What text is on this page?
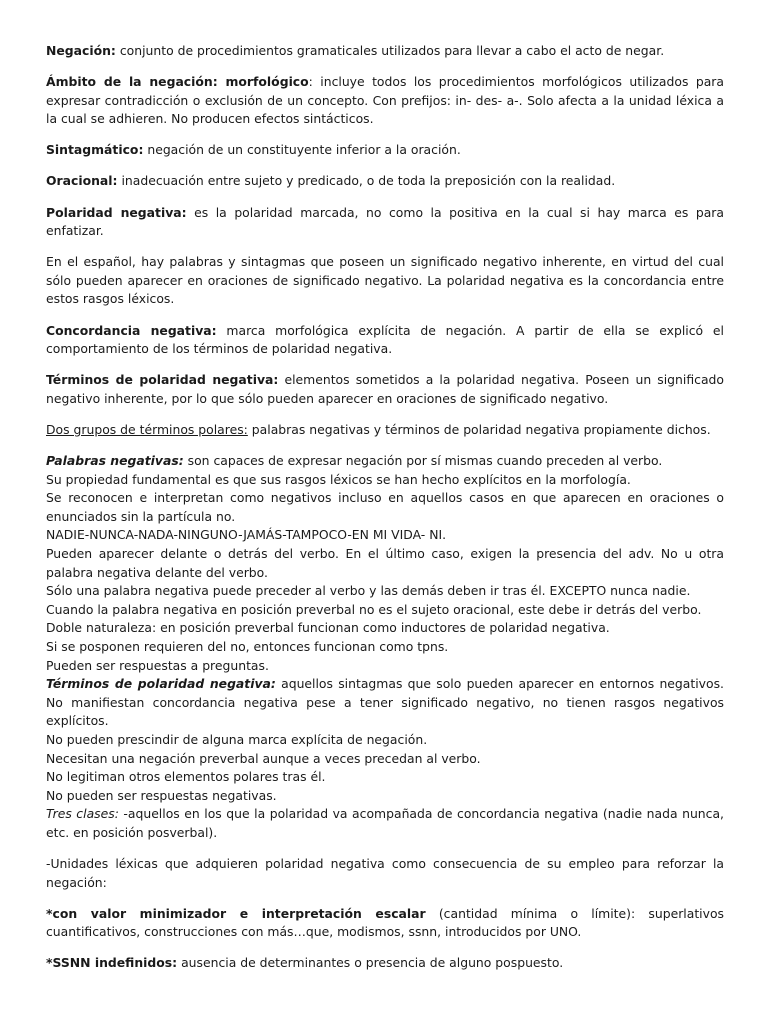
Negación: conjunto de procedimientos gramaticales utilizados para llevar a cabo el acto de negar.

Ámbito de la negación: morfológico: incluye todos los procedimientos morfológicos utilizados para expresar contradicción o exclusión de un concepto. Con prefijos: in- des- a-. Solo afecta a la unidad léxica a la cual se adhieren. No producen efectos sintácticos.

Sintagmático: negación de un constituyente inferior a la oración.

Oracional: inadecuación entre sujeto y predicado, o de toda la preposición con la realidad.

Polaridad negativa: es la polaridad marcada, no como la positiva en la cual si hay marca es para enfatizar.

En el español, hay palabras y sintagmas que poseen un significado negativo inherente, en virtud del cual sólo pueden aparecer en oraciones de significado negativo. La polaridad negativa es la concordancia entre estos rasgos léxicos.

Concordancia negativa: marca morfológica explícita de negación. A partir de ella se explicó el comportamiento de los términos de polaridad negativa.

Términos de polaridad negativa: elementos sometidos a la polaridad negativa. Poseen un significado negativo inherente, por lo que sólo pueden aparecer en oraciones de significado negativo.

Dos grupos de términos polares: palabras negativas y términos de polaridad negativa propiamente dichos.

Palabras negativas: son capaces de expresar negación por sí mismas cuando preceden al verbo.
Su propiedad fundamental es que sus rasgos léxicos se han hecho explícitos en la morfología.
Se reconocen e interpretan como negativos incluso en aquellos casos en que aparecen en oraciones o enunciados sin la partícula no.
NADIE-NUNCA-NADA-NINGUNO-JAMÁS-TAMPOCO-EN MI VIDA- NI.
Pueden aparecer delante o detrás del verbo. En el último caso, exigen la presencia del adv. No u otra palabra negativa delante del verbo.
Sólo una palabra negativa puede preceder al verbo y las demás deben ir tras él. EXCEPTO nunca nadie.
Cuando la palabra negativa en posición preverbal no es el sujeto oracional, este debe ir detrás del verbo.
Doble naturaleza: en posición preverbal funcionan como inductores de polaridad negativa.
Si se posponen requieren del no, entonces funcionan como tpns.
Pueden ser respuestas a preguntas.
Términos de polaridad negativa: aquellos sintagmas que solo pueden aparecer en entornos negativos. No manifiestan concordancia negativa pese a tener significado negativo, no tienen rasgos negativos explícitos.
No pueden prescindir de alguna marca explícita de negación.
Necesitan una negación preverbal aunque a veces precedan al verbo.
No legitiman otros elementos polares tras él.
No pueden ser respuestas negativas.
Tres clases: -aquellos en los que la polaridad va acompañada de concordancia negativa (nadie nada nunca, etc. en posición posverbal).

-Unidades léxicas que adquieren polaridad negativa como consecuencia de su empleo para reforzar la negación:

*con valor minimizador e interpretación escalar (cantidad mínima o límite): superlativos cuantificativos, construcciones con más…que, modismos, ssnn, introducidos por UNO.

*SSNN indefinidos: ausencia de determinantes o presencia de alguno pospuesto.
